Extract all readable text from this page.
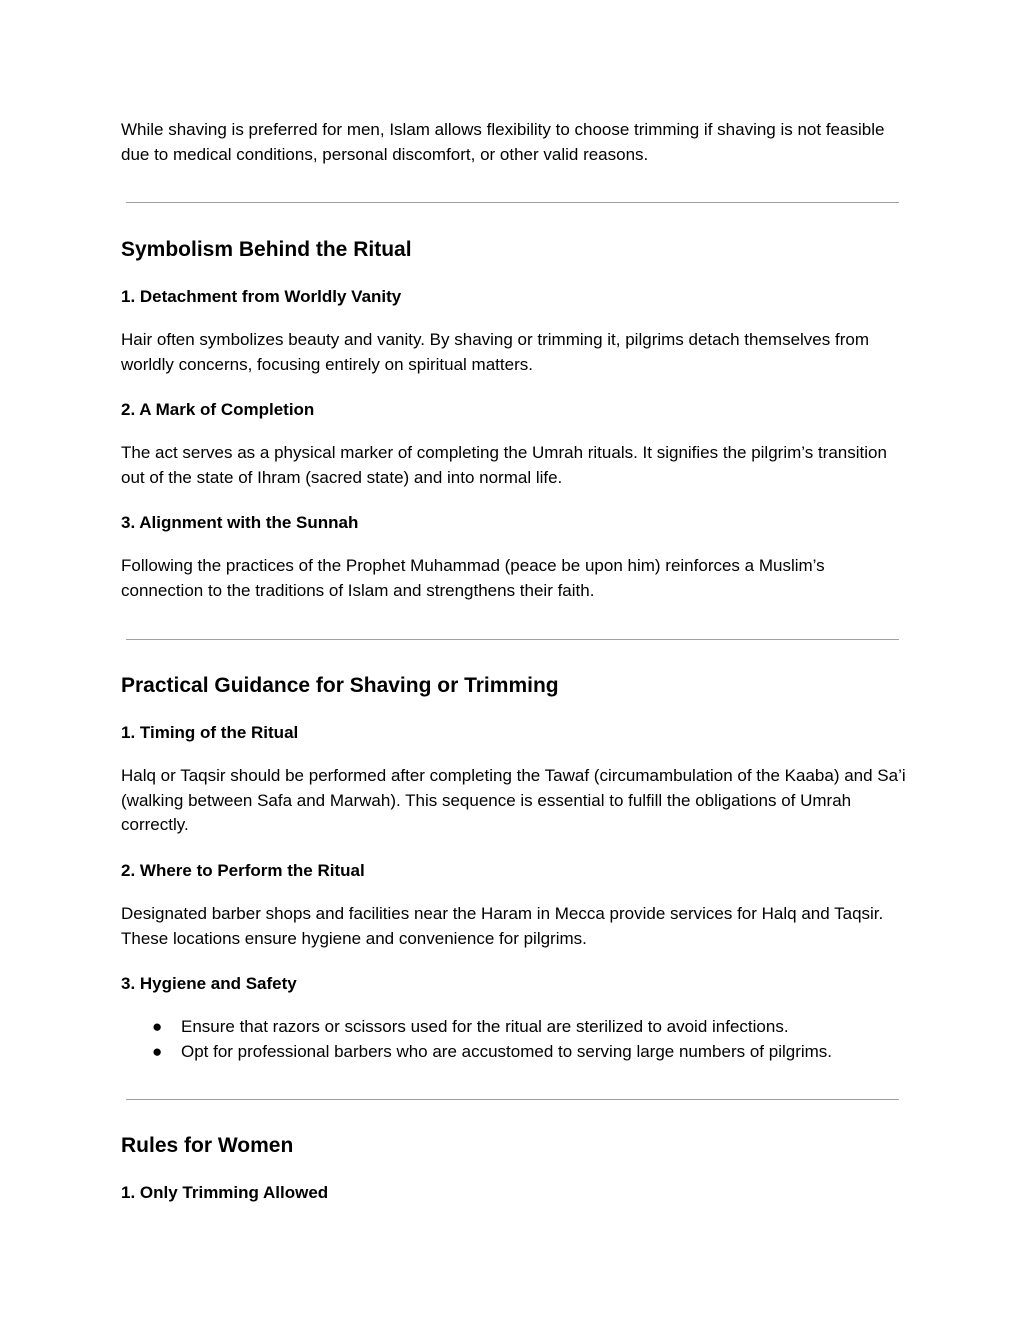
While shaving is preferred for men, Islam allows flexibility to choose trimming if shaving is not feasible due to medical conditions, personal discomfort, or other valid reasons.

Symbolism Behind the Ritual
1. Detachment from Worldly Vanity

Hair often symbolizes beauty and vanity. By shaving or trimming it, pilgrims detach themselves from worldly concerns, focusing entirely on spiritual matters.

2. A Mark of Completion

The act serves as a physical marker of completing the Umrah rituals. It signifies the pilgrim’s transition out of the state of Ihram (sacred state) and into normal life.

3. Alignment with the Sunnah

Following the practices of the Prophet Muhammad (peace be upon him) reinforces a Muslim’s connection to the traditions of Islam and strengthens their faith.

Practical Guidance for Shaving or Trimming
1. Timing of the Ritual

Halq or Taqsir should be performed after completing the Tawaf (circumambulation of the Kaaba) and Sa’i (walking between Safa and Marwah). This sequence is essential to fulfill the obligations of Umrah correctly.

2. Where to Perform the Ritual

Designated barber shops and facilities near the Haram in Mecca provide services for Halq and Taqsir. These locations ensure hygiene and convenience for pilgrims.

3. Hygiene and Safety
● Ensure that razors or scissors used for the ritual are sterilized to avoid infections.
● Opt for professional barbers who are accustomed to serving large numbers of pilgrims.
Rules for Women
1. Only Trimming Allowed
